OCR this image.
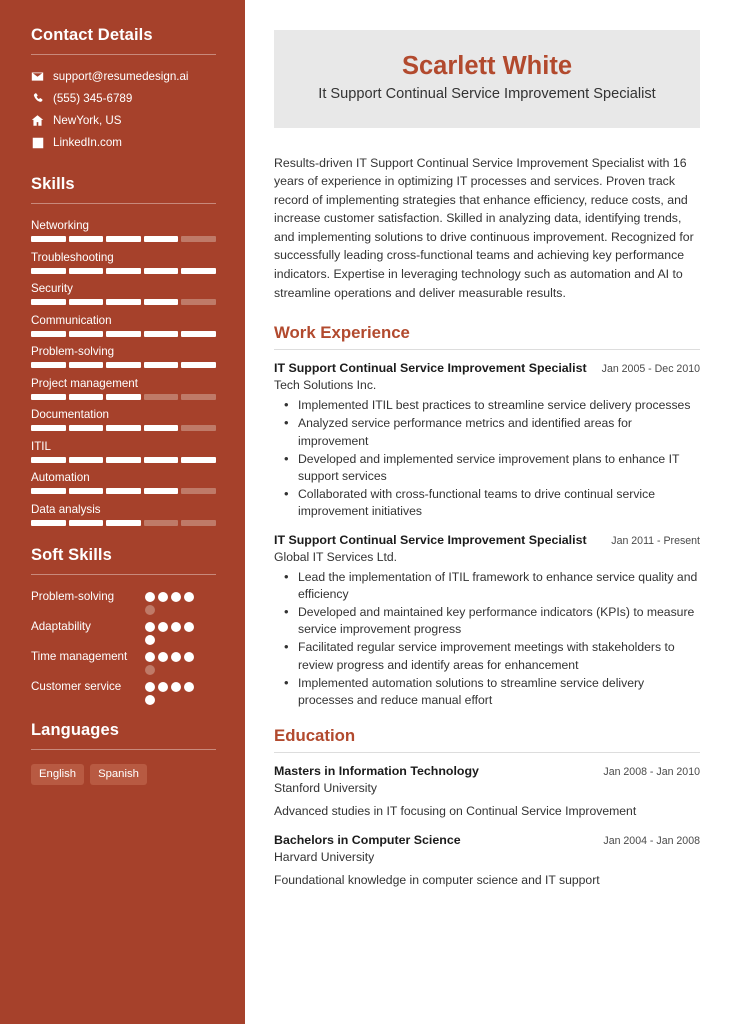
Contact Details
support@resumedesign.ai
(555) 345-6789
NewYork, US
LinkedIn.com
Skills
Networking
Troubleshooting
Security
Communication
Problem-solving
Project management
Documentation
ITIL
Automation
Data analysis
Soft Skills
Problem-solving
Adaptability
Time management
Customer service
Languages
English	Spanish
Scarlett White
It Support Continual Service Improvement Specialist

Results-driven IT Support Continual Service Improvement Specialist with 16 years of experience in optimizing IT processes and services. Proven track record of implementing strategies that enhance efficiency, reduce costs, and increase customer satisfaction. Skilled in analyzing data, identifying trends, and implementing solutions to drive continuous improvement. Recognized for successfully leading cross-functional teams and achieving key performance indicators. Expertise in leveraging technology such as automation and AI to streamline operations and deliver measurable results.

Work Experience
IT Support Continual Service Improvement Specialist Jan 2005 - Dec 2010
Tech Solutions Inc.
• Implemented ITIL best practices to streamline service delivery processes
• Analyzed service performance metrics and identified areas for improvement
• Developed and implemented service improvement plans to enhance IT support services
• Collaborated with cross-functional teams to drive continual service improvement initiatives
IT Support Continual Service Improvement Specialist Jan 2011 - Present
Global IT Services Ltd.
• Lead the implementation of ITIL framework to enhance service quality and efficiency
• Developed and maintained key performance indicators (KPIs) to measure service improvement progress
• Facilitated regular service improvement meetings with stakeholders to review progress and identify areas for enhancement
• Implemented automation solutions to streamline service delivery processes and reduce manual effort
Education
Masters in Information Technology	Jan 2008 - Jan 2010
Stanford University
Advanced studies in IT focusing on Continual Service Improvement
Bachelors in Computer Science	Jan 2004 - Jan 2008
Harvard University
Foundational knowledge in computer science and IT support
